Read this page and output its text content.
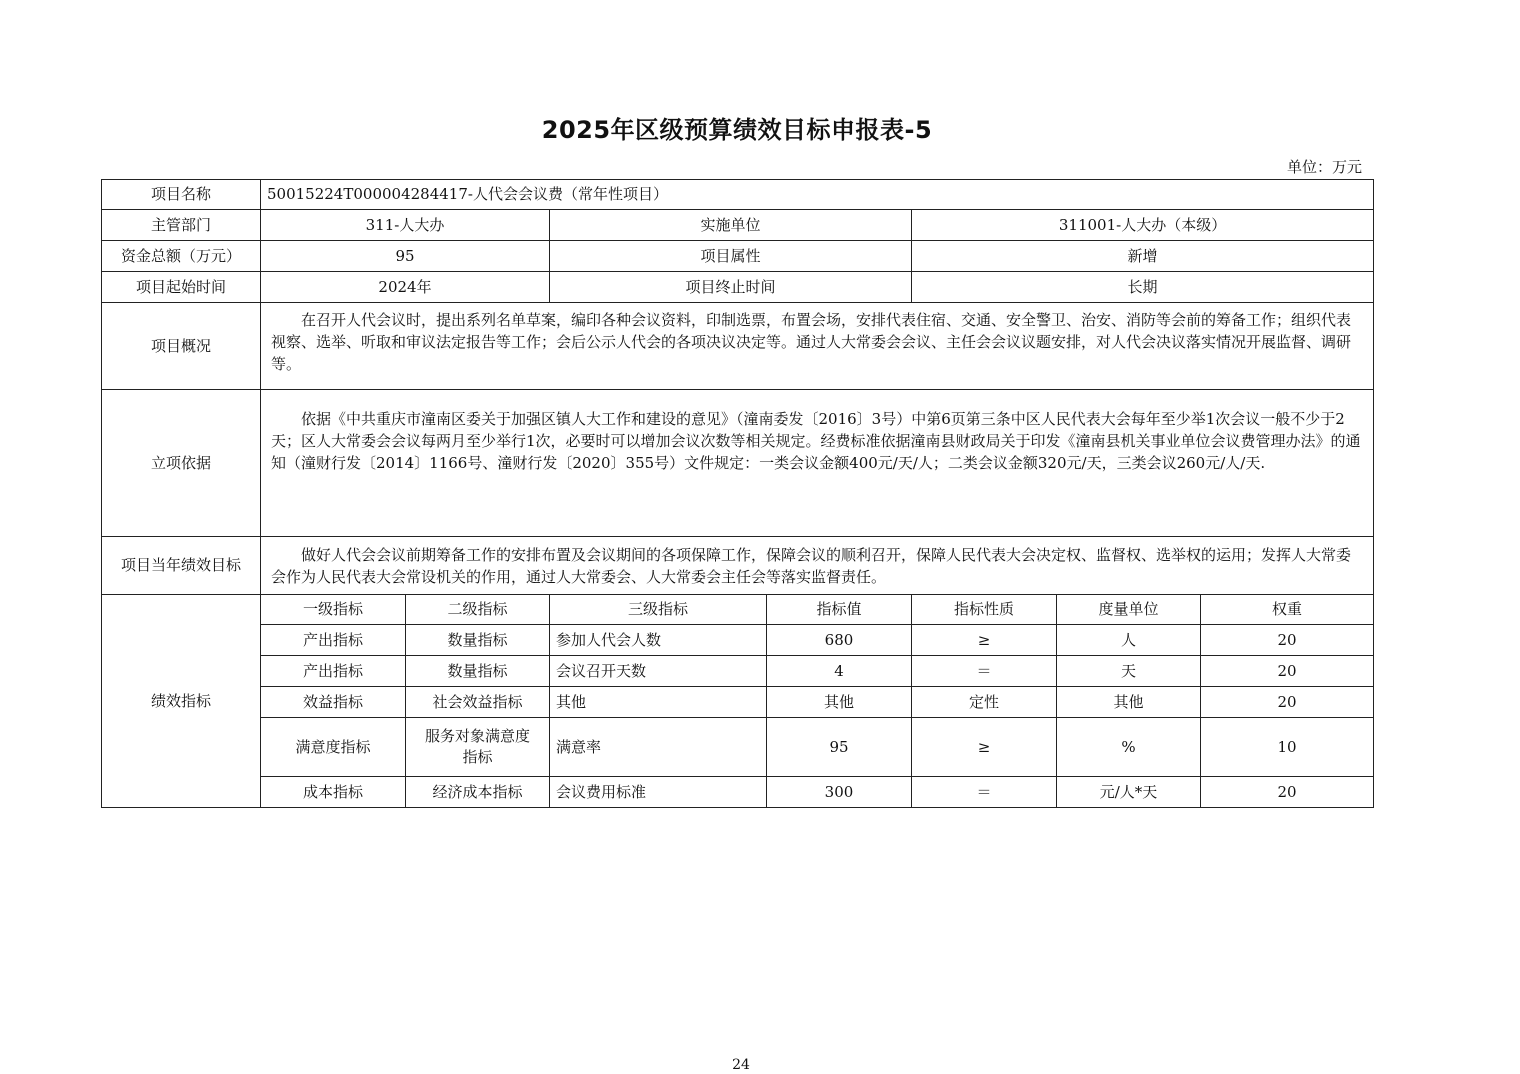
2025年区级预算绩效目标申报表-5
单位：万元
项目名称	50015224T000004284417-人代会会议费（常年性项目）						
主管部门	311-人大办		实施单位		311001-人大办（本级）		
资金总额（万元）	95		项目属性		新增		
项目起始时间	2024年		项目终止时间		长期		
项目概况	在召开人代会议时，提出系列名单草案，编印各种会议资料，印制选票，布置会场，安排代表住宿、交通、安全警卫、治安、消防等会前的筹备工作；组织代表视察、选举、听取和审议法定报告等工作；会后公示人代会的各项决议决定等。通过人大常委会会议、主任会会议议题安排，对人代会决议落实情况开展监督、调研等。						

立项依据	依据《中共重庆市潼南区委关于加强区镇人大工作和建设的意见》（潼南委发〔2016〕3号）中第6页第三条中区人民代表大会每年至少举1次会议一般不少于2天；区人大常委会会议每两月至少举行1次，必要时可以增加会议次数等相关规定。经费标准依据潼南县财政局关于印发《潼南县机关事业单位会议费管理办法》的通知（潼财行发〔2014〕1166号、潼财行发〔2020〕355号）文件规定：一类会议金额400元/天/人；二类会议金额320元/天，三类会议260元/人/天.						

项目当年绩效目标	做好人代会会议前期筹备工作的安排布置及会议期间的各项保障工作，保障会议的顺利召开，保障人民代表大会决定权、监督权、选举权的运用；发挥人大常委会作为人民代表大会常设机关的作用，通过人大常委会、人大常委会主任会等落实监督责任。						

绩效指标	一级指标	二级指标	三级指标	指标值	指标性质	度量单位	权重
	产出指标	数量指标	参加人代会人数	680	≥	人	20
	产出指标	数量指标	会议召开天数	4	＝	天	20
	效益指标	社会效益指标	其他	其他	定性	其他	20
	满意度指标	服务对象满意度指标	满意率	95	≥	%	10
	成本指标	经济成本指标	会议费用标准	300	＝	元/人*天	20
24
